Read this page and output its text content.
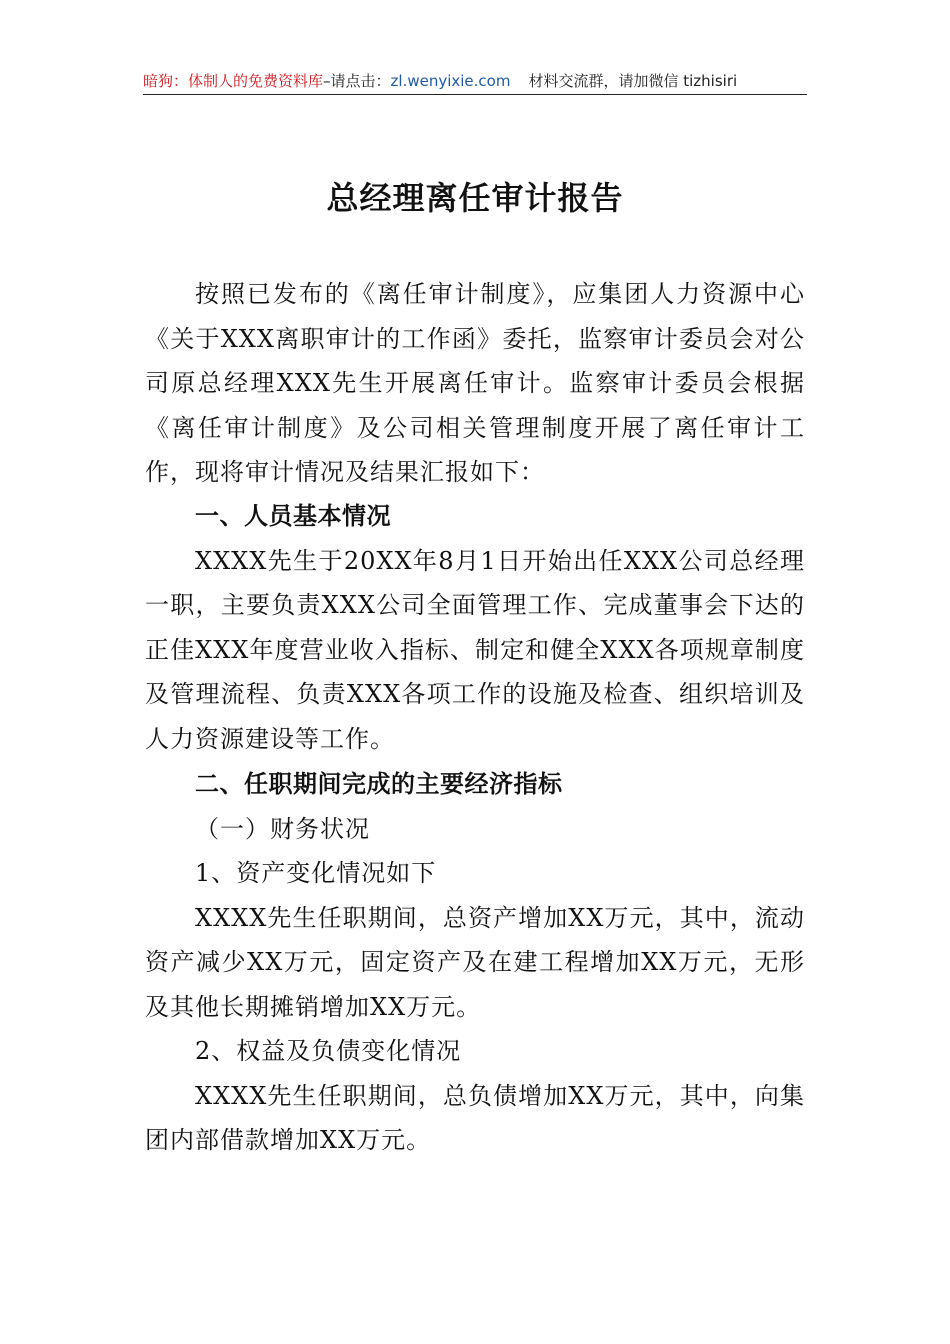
暗狗：体制人的免费资料库–请点击：zl.wenyixie.com 材料交流群，请加微信 tizhisiri
总经理离任审计报告

按照已发布的《离任审计制度》，应集团人力资源中心《关于XXX离职审计的工作函》委托，监察审计委员会对公司原总经理XXX先生开展离任审计。监察审计委员会根据《离任审计制度》及公司相关管理制度开展了离任审计工作，现将审计情况及结果汇报如下：

一、人员基本情况

XXXX先生于20XX年8月1日开始出任XXX公司总经理一职，主要负责XXX公司全面管理工作、完成董事会下达的正佳XXX年度营业收入指标、制定和健全XXX各项规章制度及管理流程、负责XXX各项工作的设施及检查、组织培训及人力资源建设等工作。

二、任职期间完成的主要经济指标

（一）财务状况

1、资产变化情况如下

XXXX先生任职期间，总资产增加XX万元，其中，流动资产减少XX万元，固定资产及在建工程增加XX万元，无形及其他长期摊销增加XX万元。

2、权益及负债变化情况

XXXX先生任职期间，总负债增加XX万元，其中，向集团内部借款增加XX万元。
